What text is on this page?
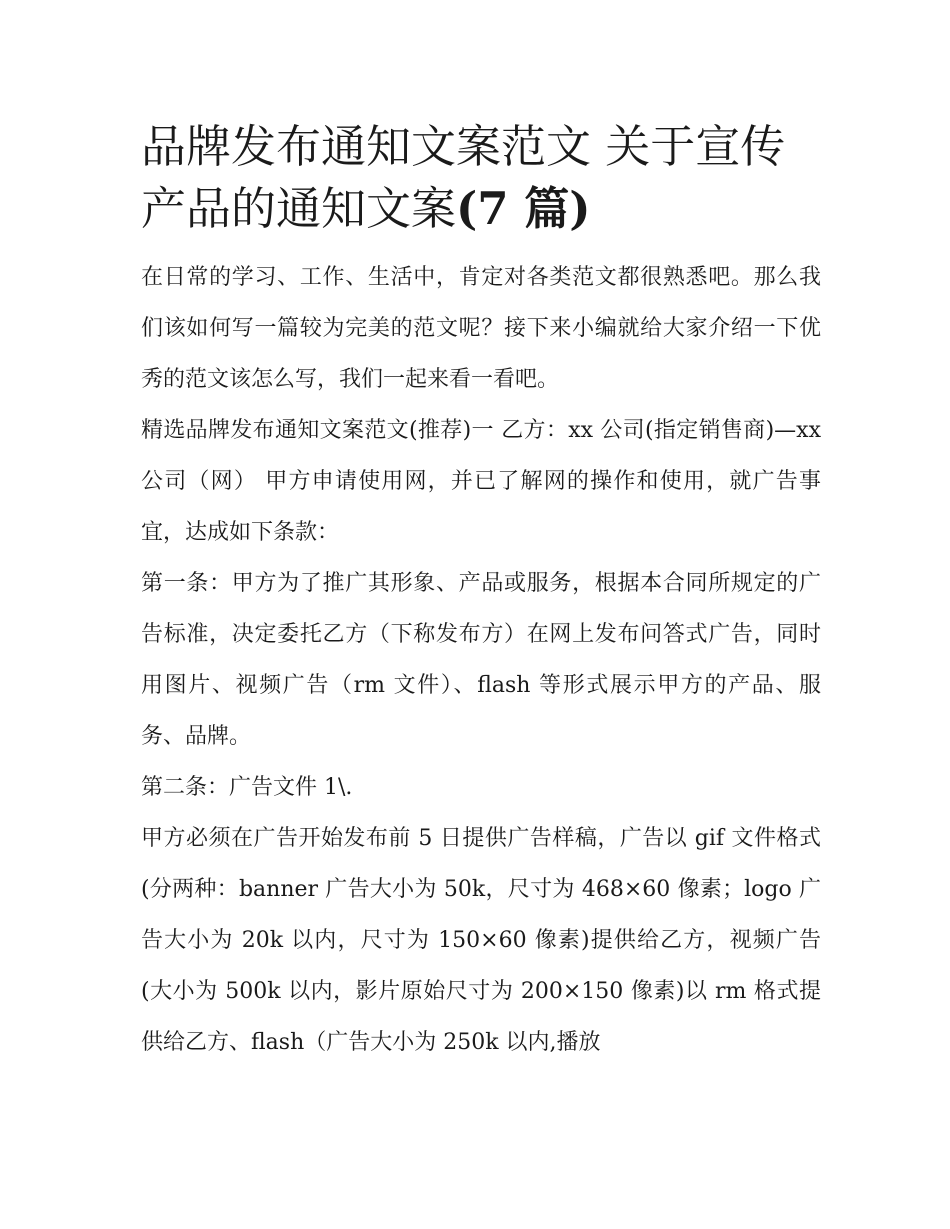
品牌发布通知文案范文 关于宣传产品的通知文案(7 篇)

在日常的学习、工作、生活中，肯定对各类范文都很熟悉吧。那么我们该如何写一篇较为完美的范文呢？接下来小编就给大家介绍一下优秀的范文该怎么写，我们一起来看一看吧。

精选品牌发布通知文案范文(推荐)一 乙方：xx 公司(指定销售商)—xx 公司（网） 甲方申请使用网，并已了解网的操作和使用，就广告事宜，达成如下条款：

第一条：甲方为了推广其形象、产品或服务，根据本合同所规定的广告标准，决定委托乙方（下称发布方）在网上发布问答式广告，同时用图片、视频广告（rm 文件）、flash 等形式展示甲方的产品、服务、品牌。

第二条：广告文件 1\.

甲方必须在广告开始发布前 5 日提供广告样稿，广告以 gif 文件格式(分两种：banner 广告大小为 50k，尺寸为 468×60 像素；logo 广告大小为 20k 以内，尺寸为 150×60 像素)提供给乙方，视频广告(大小为 500k 以内，影片原始尺寸为 200×150 像素)以 rm 格式提供给乙方、flash（广告大小为 250k 以内,播放
